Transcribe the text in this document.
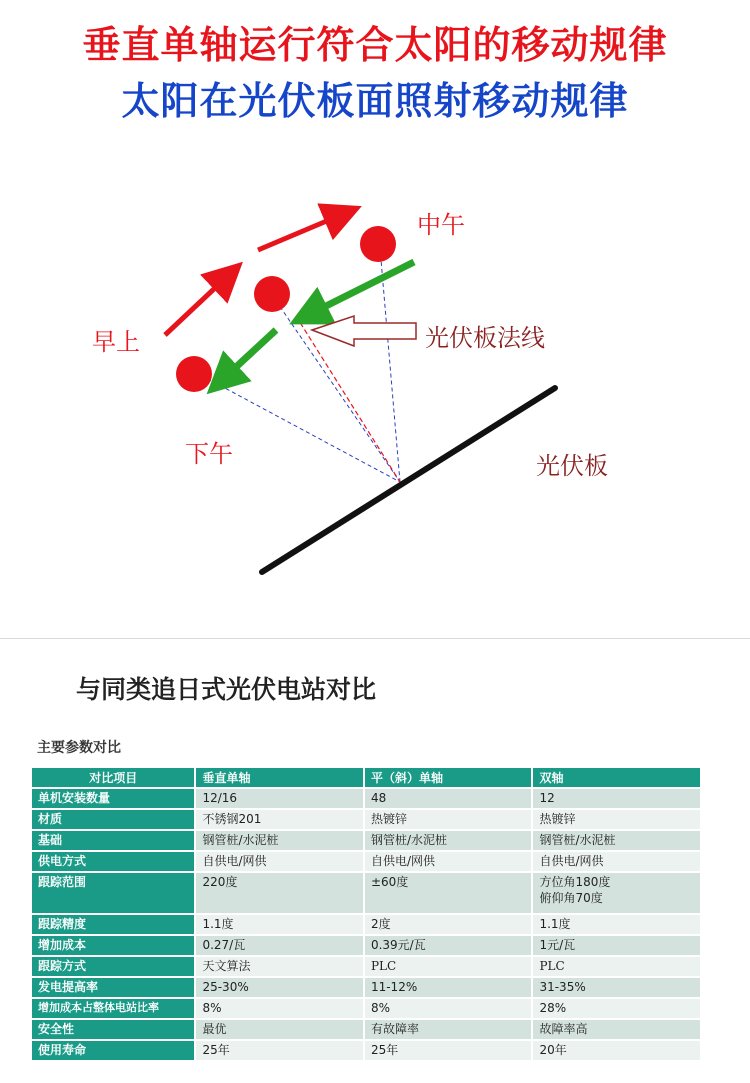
垂直单轴运行符合太阳的移动规律
太阳在光伏板面照射移动规律
中午
早上
下午
光伏板法线
光伏板
与同类追日式光伏电站对比
主要参数对比
对比项目	垂直单轴	平（斜）单轴	双轴
单机安装数量	12/16	48	12
材质	不锈钢201	热镀锌	热镀锌
基础	钢管桩/水泥桩	钢管桩/水泥桩	钢管桩/水泥桩
供电方式	自供电/网供	自供电/网供	自供电/网供
跟踪范围	220度	±60度	方位角180度
俯仰角70度

跟踪精度	1.1度	2度	1.1度
增加成本	0.27/瓦	0.39元/瓦	1元/瓦
跟踪方式	天文算法	PLC	PLC
发电提高率	25-30%	11-12%	31-35%
增加成本占整体电站比率	8%	8%	28%
安全性	最优	有故障率	故障率高
使用寿命	25年	25年	20年
